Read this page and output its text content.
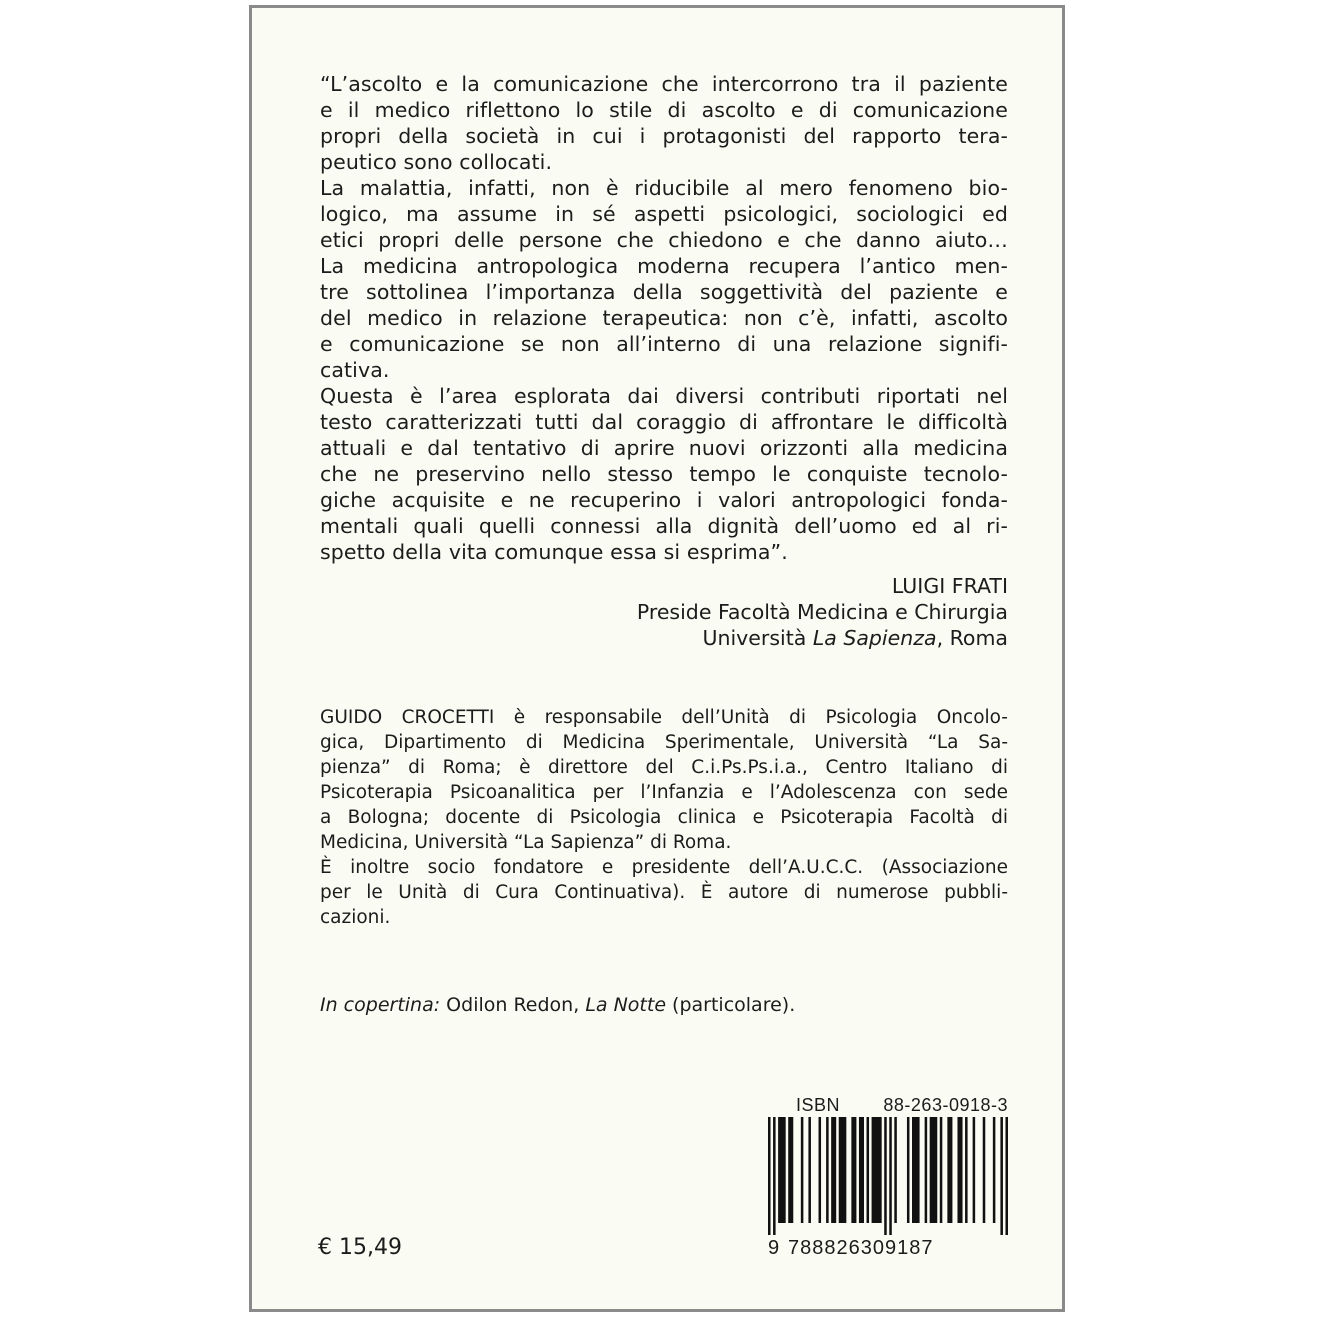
“L’ascolto e la comunicazione che intercorrono tra il paziente
e il medico riflettono lo stile di ascolto e di comunicazione
propri della società in cui i protagonisti del rapporto tera-
peutico sono collocati.
La malattia, infatti, non è riducibile al mero fenomeno bio-
logico, ma assume in sé aspetti psicologici, sociologici ed
etici propri delle persone che chiedono e che danno aiuto…
La medicina antropologica moderna recupera l’antico men-
tre sottolinea l’importanza della soggettività del paziente e
del medico in relazione terapeutica: non c’è, infatti, ascolto
e comunicazione se non all’interno di una relazione signifi-
cativa.
Questa è l’area esplorata dai diversi contributi riportati nel
testo caratterizzati tutti dal coraggio di affrontare le difficoltà
attuali e dal tentativo di aprire nuovi orizzonti alla medicina
che ne preservino nello stesso tempo le conquiste tecnolo-
giche acquisite e ne recuperino i valori antropologici fonda-
mentali quali quelli connessi alla dignità dell’uomo ed al ri-
spetto della vita comunque essa si esprima”.
LUIGI FRATI
Preside Facoltà Medicina e Chirurgia
Università La Sapienza, Roma
GUIDO CROCETTI è responsabile dell’Unità di Psicologia Oncolo-
gica, Dipartimento di Medicina Sperimentale, Università “La Sa-
pienza” di Roma; è direttore del C.i.Ps.Ps.i.a., Centro Italiano di
Psicoterapia Psicoanalitica per l’Infanzia e l’Adolescenza con sede
a Bologna; docente di Psicologia clinica e Psicoterapia Facoltà di
Medicina, Università “La Sapienza” di Roma.
È inoltre socio fondatore e presidente dell’A.U.C.C. (Associazione
per le Unità di Cura Continuativa). È autore di numerose pubbli-
cazioni.
In copertina: Odilon Redon, La Notte (particolare).
€ 15,49
ISBN 88-263-0918-3
9 788826309187
